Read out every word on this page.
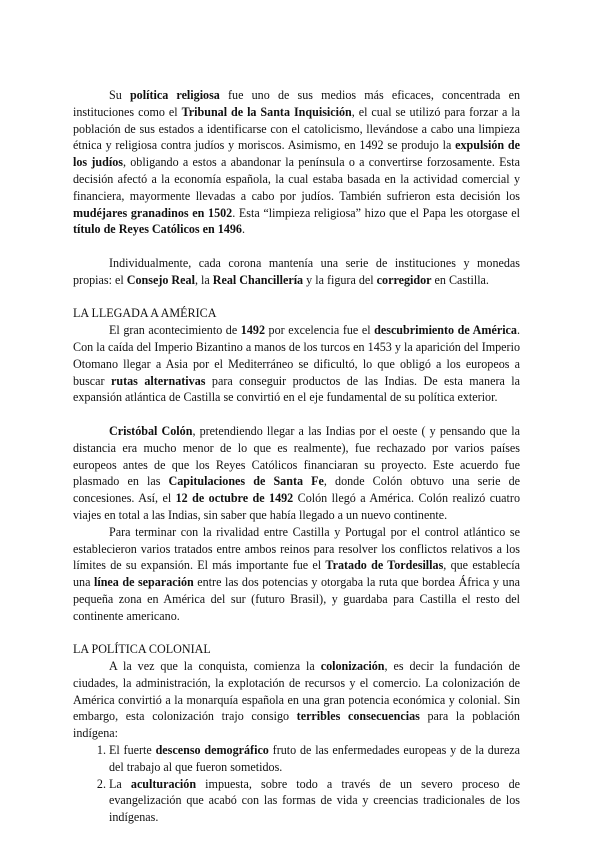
Su política religiosa fue uno de sus medios más eficaces, concentrada en instituciones como el Tribunal de la Santa Inquisición, el cual se utilizó para forzar a la población de sus estados a identificarse con el catolicismo, llevándose a cabo una limpieza étnica y religiosa contra judíos y moriscos. Asimismo, en 1492 se produjo la expulsión de los judíos, obligando a estos a abandonar la península o a convertirse forzosamente. Esta decisión afectó a la economía española, la cual estaba basada en la actividad comercial y financiera, mayormente llevadas a cabo por judíos. También sufrieron esta decisión los mudéjares granadinos en 1502. Esta “limpieza religiosa” hizo que el Papa les otorgase el título de Reyes Católicos en 1496.

Individualmente, cada corona mantenía una serie de instituciones y monedas propias: el Consejo Real, la Real Chancillería y la figura del corregidor en Castilla.

LA LLEGADA A AMÉRICA

El gran acontecimiento de 1492 por excelencia fue el descubrimiento de América. Con la caída del Imperio Bizantino a manos de los turcos en 1453 y la aparición del Imperio Otomano llegar a Asia por el Mediterráneo se dificultó, lo que obligó a los europeos a buscar rutas alternativas para conseguir productos de las Indias. De esta manera la expansión atlántica de Castilla se convirtió en el eje fundamental de su política exterior.

Cristóbal Colón, pretendiendo llegar a las Indias por el oeste ( y pensando que la distancia era mucho menor de lo que es realmente), fue rechazado por varios países europeos antes de que los Reyes Católicos financiaran su proyecto. Este acuerdo fue plasmado en las Capitulaciones de Santa Fe, donde Colón obtuvo una serie de concesiones. Así, el 12 de octubre de 1492 Colón llegó a América. Colón realizó cuatro viajes en total a las Indias, sin saber que había llegado a un nuevo continente.

Para terminar con la rivalidad entre Castilla y Portugal por el control atlántico se establecieron varios tratados entre ambos reinos para resolver los conflictos relativos a los límites de su expansión. El más importante fue el Tratado de Tordesillas, que establecía una línea de separación entre las dos potencias y otorgaba la ruta que bordea África y una pequeña zona en América del sur (futuro Brasil), y guardaba para Castilla el resto del continente americano.

LA POLÍTICA COLONIAL

A la vez que la conquista, comienza la colonización, es decir la fundación de ciudades, la administración, la explotación de recursos y el comercio. La colonización de América convirtió a la monarquía española en una gran potencia económica y colonial. Sin embargo, esta colonización trajo consigo terribles consecuencias para la población indígena:

1. El fuerte descenso demográfico fruto de las enfermedades europeas y de la dureza del trabajo al que fueron sometidos.
2. La aculturación impuesta, sobre todo a través de un severo proceso de evangelización que acabó con las formas de vida y creencias tradicionales de los indígenas.
